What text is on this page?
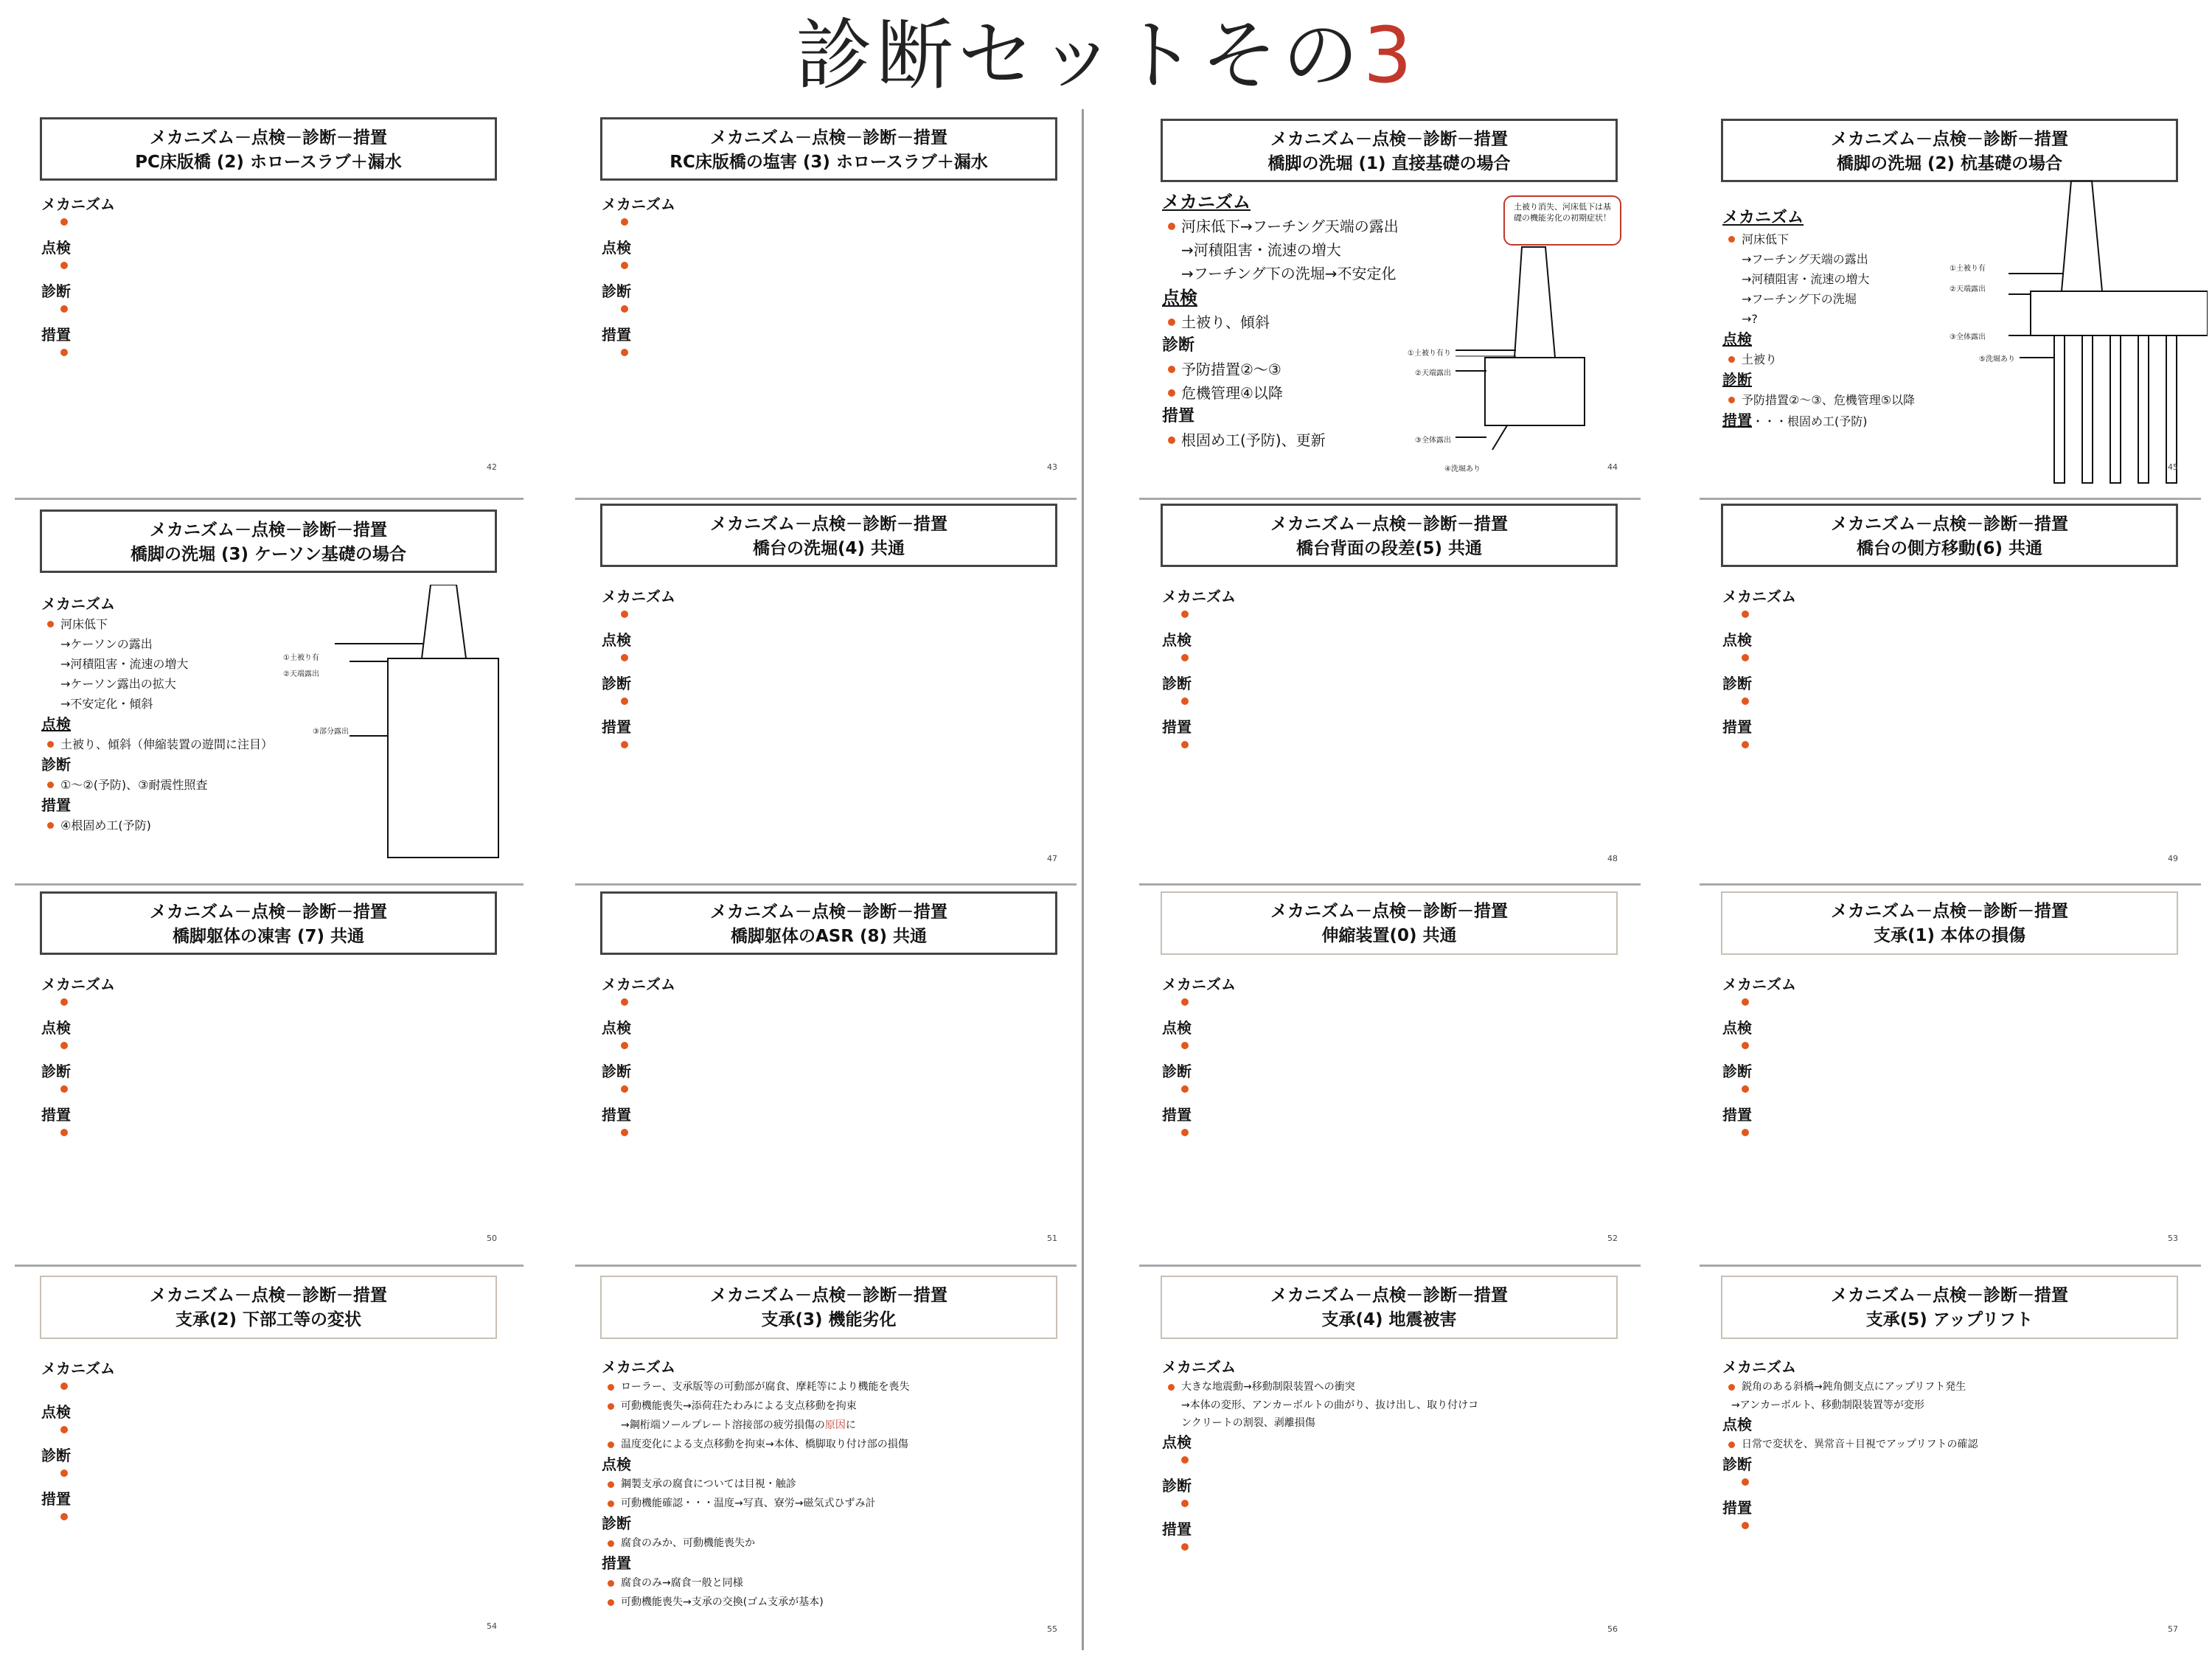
診断セットその3
メカニズム－点検－診断－措置
PC床版橋 (2) ホロースラブ＋漏水
メカニズム
点検
診断
措置
42
メカニズム－点検－診断－措置
RC床版橋の塩害 (3) ホロースラブ＋漏水
メカニズム
点検
診断
措置
43
メカニズム－点検－診断－措置
橋脚の洗堀 (1) 直接基礎の場合
メカニズム
河床低下→フーチング天端の露出
→河積阻害・流速の増大
→フーチング下の洗堀→不安定化
点検
土被り、傾斜
診断
予防措置②～③
危機管理④以降
措置
根固め工(予防)、更新
土被り消失、河床低下は基礎の機能劣化の初期症状！
①土被り有り
②天端露出
③全体露出
④洗堀あり	44
メカニズム－点検－診断－措置
橋脚の洗堀 (2) 杭基礎の場合
メカニズム
河床低下
→フーチング天端の露出
→河積阻害・流速の増大
→フーチング下の洗堀
→?
点検
土被り
診断
予防措置②～③、危機管理⑤以降
措置・・・根固め工(予防)
①土被り有
②天端露出
③全体露出
⑤洗堀あり
45
メカニズム－点検－診断－措置
橋脚の洗堀 (3) ケーソン基礎の場合
メカニズム
河床低下
→ケーソンの露出
→河積阻害・流速の増大
→ケーソン露出の拡大
→不安定化・傾斜
点検
土被り、傾斜（伸縮装置の遊間に注目）
診断
①～②(予防)、③耐震性照査
措置
④根固め工(予防)
①土被り有
②天端露出
③部分露出
メカニズム－点検－診断－措置
橋台の洗堀(4) 共通
メカニズム
点検
診断
措置
47
メカニズム－点検－診断－措置
橋台背面の段差(5) 共通
メカニズム
点検
診断
措置
48
メカニズム－点検－診断－措置
橋台の側方移動(6) 共通
メカニズム
点検
診断
措置
49
メカニズム－点検－診断－措置
橋脚躯体の凍害 (7) 共通
メカニズム
点検
診断
措置
50
メカニズム－点検－診断－措置
橋脚躯体のASR (8) 共通
メカニズム
点検
診断
措置
51
メカニズム－点検－診断－措置
伸縮装置(0) 共通
メカニズム
点検
診断
措置
52
メカニズム－点検－診断－措置
支承(1) 本体の損傷
メカニズム
点検
診断
措置
53
メカニズム－点検－診断－措置
支承(2) 下部工等の変状
メカニズム
点検
診断
措置
54
メカニズム－点検－診断－措置
支承(3) 機能劣化
メカニズム
ローラー、支承版等の可動部が腐食、摩耗等により機能を喪失
可動機能喪失→添荷荘たわみによる支点移動を拘束
→鋼桁端ソールプレート溶接部の疲労損傷の原因に
温度変化による支点移動を拘束→本体、橋脚取り付け部の損傷
点検
鋼製支承の腐食については目視・触診
可動機能確認・・・温度→写真、寮労→磁気式ひずみ計
診断
腐食のみか、可動機能喪失か
措置
腐食のみ→腐食一般と同様
可動機能喪失→支承の交換(ゴム支承が基本)
55
メカニズム－点検－診断－措置
支承(4) 地震被害
メカニズム
大きな地震動→移動制限装置への衝突
→本体の変形、アンカーボルトの曲がり、抜け出し、取り付けコ
ンクリートの割裂、剥離損傷
点検
診断
措置
56
メカニズム－点検－診断－措置
支承(5) アップリフト
メカニズム
鋭角のある斜橋→鈍角側支点にアップリフト発生
→アンカーボルト、移動制限装置等が変形
点検
日常で変状を、異常音＋目視でアップリフトの確認
診断
措置
57
